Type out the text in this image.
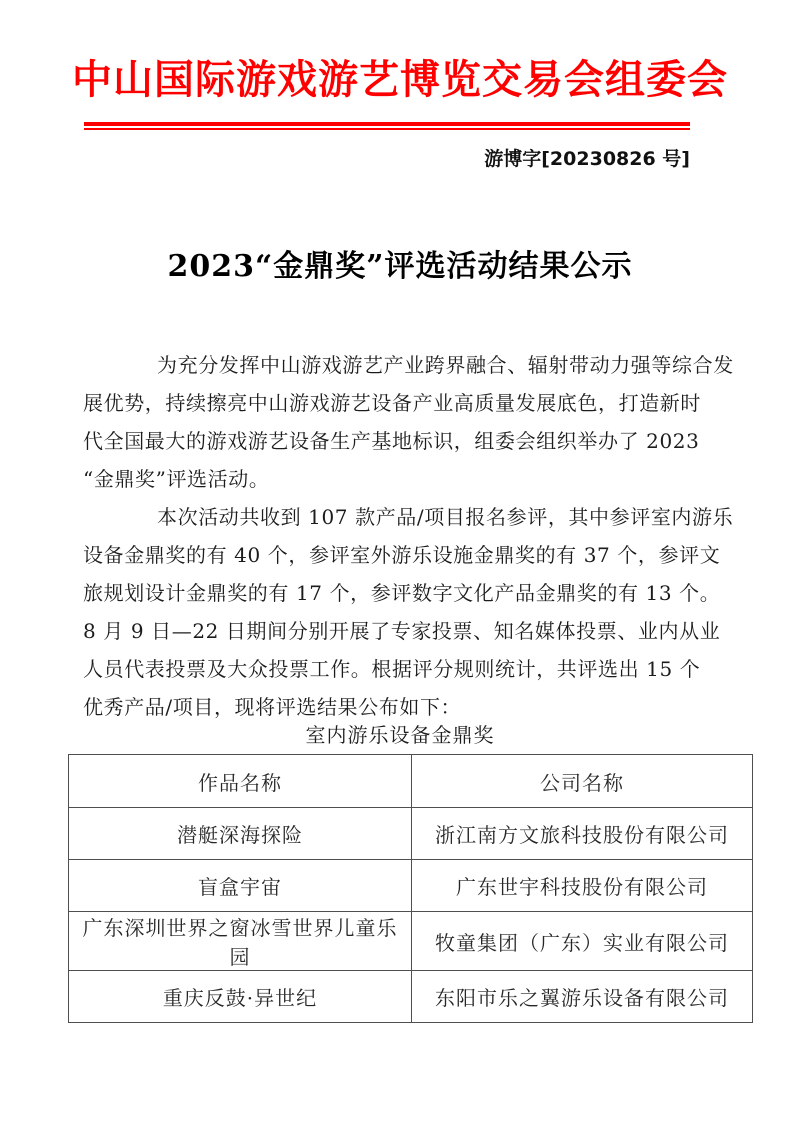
中山国际游戏游艺博览交易会组委会
游博字[20230826 号]
2023“金鼎奖”评选活动结果公示
为充分发挥中山游戏游艺产业跨界融合、辐射带动力强等综合发
展优势，持续擦亮中山游戏游艺设备产业高质量发展底色，打造新时
代全国最大的游戏游艺设备生产基地标识，组委会组织举办了 2023
“金鼎奖”评选活动。
本次活动共收到 107 款产品/项目报名参评，其中参评室内游乐
设备金鼎奖的有 40 个，参评室外游乐设施金鼎奖的有 37 个，参评文
旅规划设计金鼎奖的有 17 个，参评数字文化产品金鼎奖的有 13 个。
8 月 9 日—22 日期间分别开展了专家投票、知名媒体投票、业内从业
人员代表投票及大众投票工作。根据评分规则统计，共评选出 15 个
优秀产品/项目，现将评选结果公布如下：
室内游乐设备金鼎奖
作品名称	公司名称
潜艇深海探险	浙江南方文旅科技股份有限公司
盲盒宇宙	广东世宇科技股份有限公司
广东深圳世界之窗冰雪世界儿童乐园	牧童集团（广东）实业有限公司
重庆反鼓·异世纪	东阳市乐之翼游乐设备有限公司
